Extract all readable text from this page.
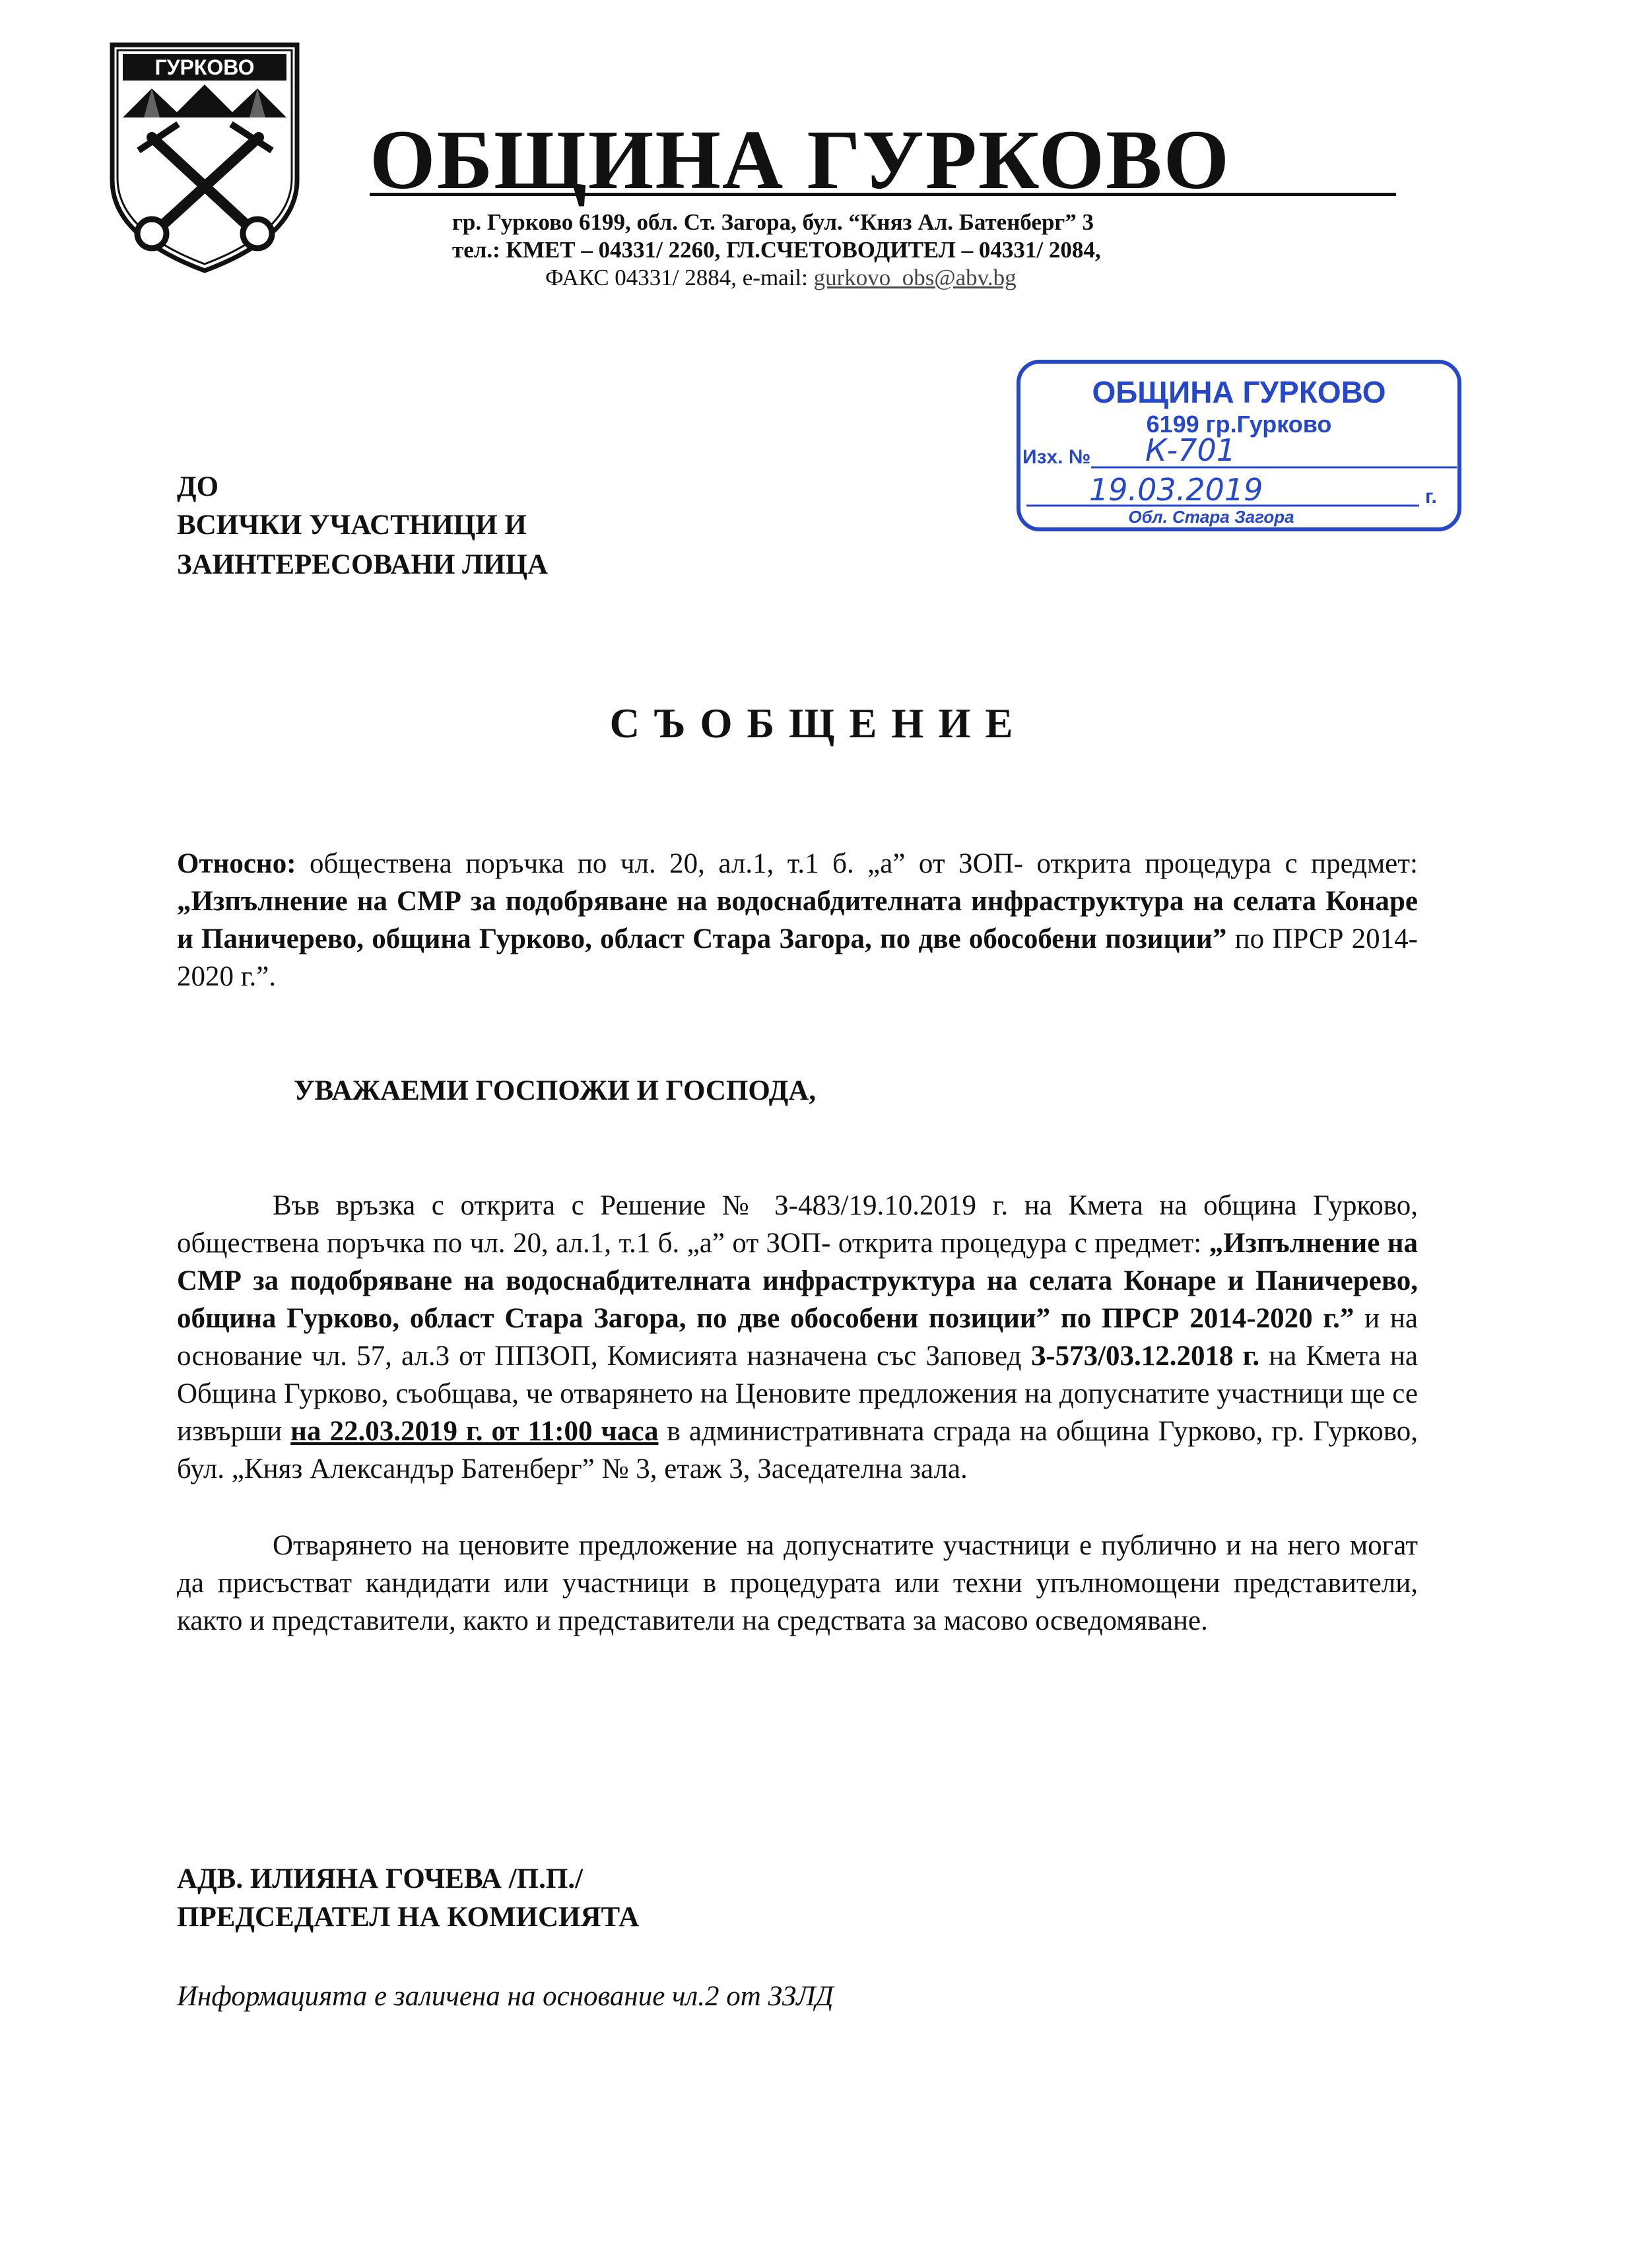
ГУРКОВО
ОБЩИНА ГУРКОВО
гр. Гурково 6199, обл. Ст. Загора, бул. “Княз Ал. Батенберг” 3
тел.: КМЕТ – 04331/ 2260, ГЛ.СЧЕТОВОДИТЕЛ – 04331/ 2084,
ФАКС 04331/ 2884, e-mail: gurkovo_obs@abv.bg
ОБЩИНА ГУРКОВО
6199 гр.Гурково
Изх. № К-701
19.03.2019	г.
Обл. Стара Загора
ДО
ВСИЧКИ УЧАСТНИЦИ И
ЗАИНТЕРЕСОВАНИ ЛИЦА
СЪОБЩЕНИЕ
Относно: обществена поръчка по чл. 20, ал.1, т.1 б. „а” от ЗОП- открита процедура с предмет: „Изпълнение на СМР за подобряване на водоснабдителната инфраструктура на селата Конаре и Паничерево, община Гурково, област Стара Загора, по две обособени позиции” по ПРСР 2014-2020 г.”.
УВАЖАЕМИ ГОСПОЖИ И ГОСПОДА,
Във връзка с открита с Решение № З-483/19.10.2019 г. на Кмета на община Гурково, обществена поръчка по чл. 20, ал.1, т.1 б. „а” от ЗОП- открита процедура с предмет: „Изпълнение на СМР за подобряване на водоснабдителната инфраструктура на селата Конаре и Паничерево, община Гурково, област Стара Загора, по две обособени позиции” по ПРСР 2014-2020 г.” и на основание чл. 57, ал.3 от ППЗОП, Комисията назначена със Заповед З-573/03.12.2018 г. на Кмета на Община Гурково, съобщава, че отварянето на Ценовите предложения на допуснатите участници ще се извърши на 22.03.2019 г. от 11:00 часа в административната сграда на община Гурково, гр. Гурково, бул. „Княз Александър Батенберг” № 3, етаж 3, Заседателна зала.
Отварянето на ценовите предложение на допуснатите участници е публично и на него могат да присъстват кандидати или участници в процедурата или техни упълномощени представители, както и представители, както и представители на средствата за масово осведомяване.
АДВ. ИЛИЯНА ГОЧЕВА /П.П./
ПРЕДСЕДАТЕЛ НА КОМИСИЯТА
Информацията е заличена на основание чл.2 от ЗЗЛД
